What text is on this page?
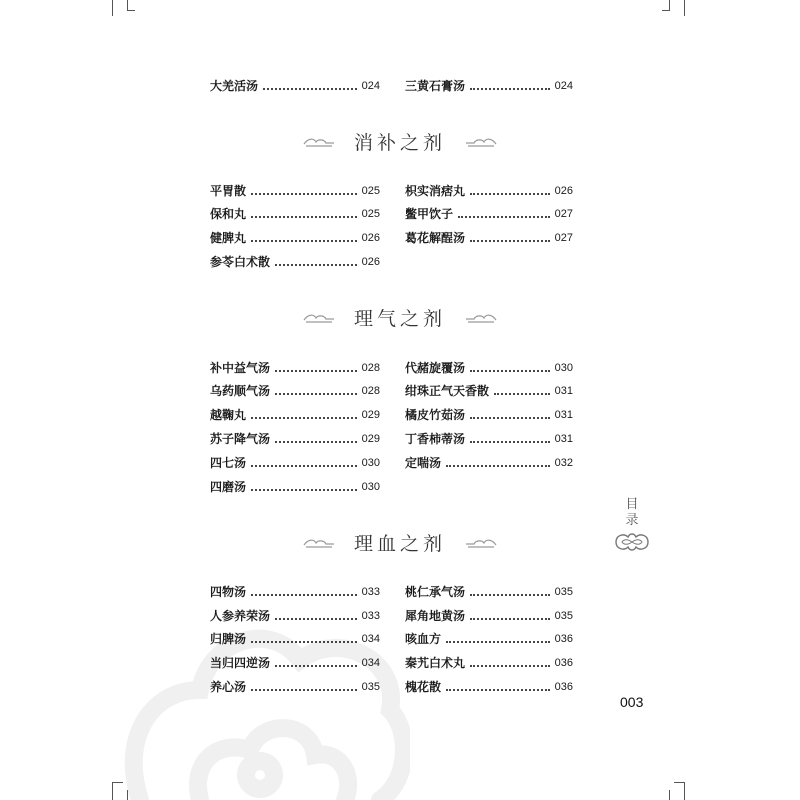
大羌活汤	024 三黄石膏汤	024
消补之剂
平胃散	025 枳实消痞丸	026
保和丸	025 鳖甲饮子	027
健脾丸	026 葛花解酲汤	027
参苓白术散	026
理气之剂
补中益气汤	028 代赭旋覆汤	030
乌药顺气汤	028 绀珠正气天香散	031
越鞠丸	029 橘皮竹茹汤	031
苏子降气汤	029 丁香柿蒂汤	031
四七汤	030 定喘汤	032
四磨汤	030
理血之剂
四物汤	033 桃仁承气汤	035
人参养荣汤	033 犀角地黄汤	035
归脾汤	034 咳血方	036
当归四逆汤	034 秦艽白术丸	036
养心汤	035 槐花散	036
目录
003
